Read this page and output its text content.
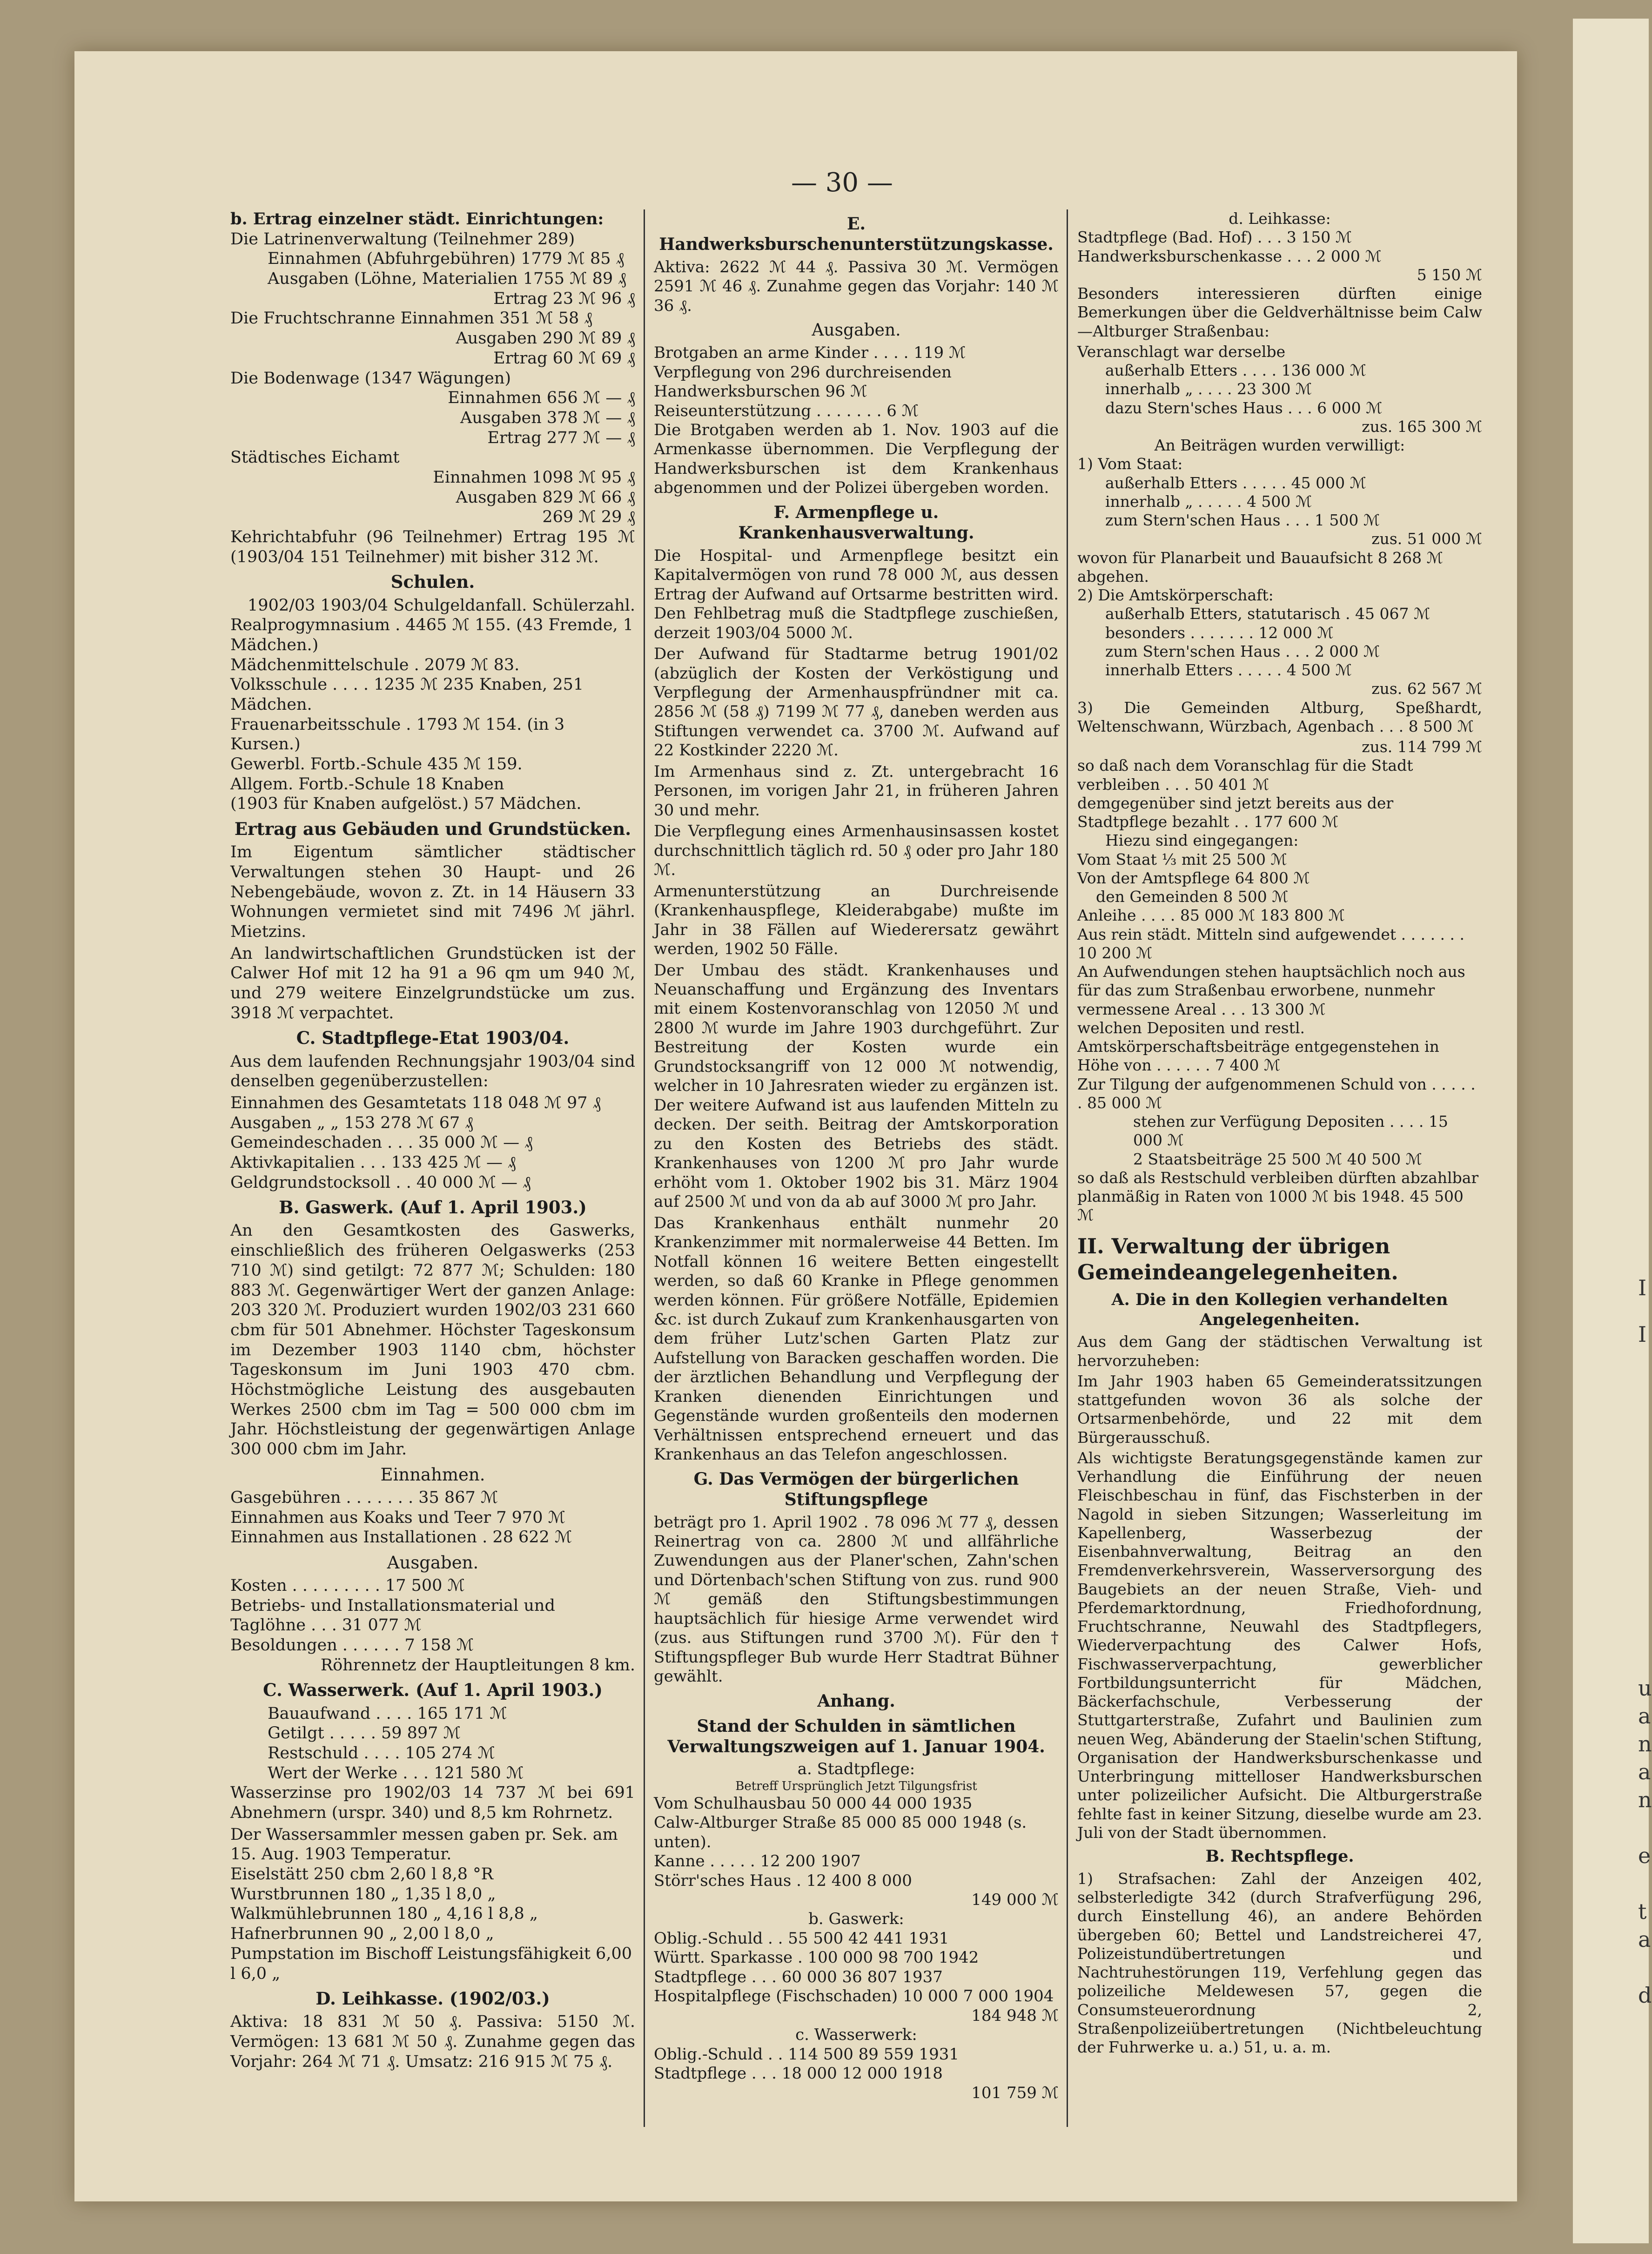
I
I
u
a
n
a
n
e
t
a
d
— 30 —
b. Ertrag einzelner städt. Einrichtungen:
Die Latrinenverwaltung (Teilnehmer 289)
Einnahmen (Abfuhrgebühren) 1779 ℳ 85 ₰
Ausgaben (Löhne, Materialien 1755 ℳ 89 ₰
Ertrag 23 ℳ 96 ₰
Die Fruchtschranne Einnahmen 351 ℳ 58 ₰
Ausgaben 290 ℳ 89 ₰
Ertrag 60 ℳ 69 ₰
Die Bodenwage (1347 Wägungen)
Einnahmen 656 ℳ — ₰
Ausgaben 378 ℳ — ₰
Ertrag 277 ℳ — ₰
Städtisches Eichamt
Einnahmen 1098 ℳ 95 ₰
Ausgaben 829 ℳ 66 ₰
269 ℳ 29 ₰

Kehrichtabfuhr (96 Teilnehmer) Ertrag 195 ℳ (1903/04 151 Teilnehmer) mit bisher 312 ℳ.

Schulen.
1902/03 1903/04 Schulgeldanfall. Schülerzahl.
Realprogymnasium . 4465 ℳ 155. (43 Fremde, 1 Mädchen.)
Mädchenmittelschule . 2079 ℳ 83.
Volksschule . . . . 1235 ℳ 235 Knaben, 251 Mädchen.
Frauenarbeitsschule . 1793 ℳ 154. (in 3 Kursen.)
Gewerbl. Fortb.-Schule 435 ℳ 159.
Allgem. Fortb.-Schule 18 Knaben
(1903 für Knaben aufgelöst.) 57 Mädchen.
Ertrag aus Gebäuden und Grundstücken.

Im Eigentum sämtlicher städtischer Verwaltungen stehen 30 Haupt- und 26 Nebengebäude, wovon z. Zt. in 14 Häusern 33 Wohnungen vermietet sind mit 7496 ℳ jährl. Mietzins.

An landwirtschaftlichen Grundstücken ist der Calwer Hof mit 12 ha 91 a 96 qm um 940 ℳ, und 279 weitere Einzelgrundstücke um zus. 3918 ℳ verpachtet.

C. Stadtpflege-Etat 1903/04.

Aus dem laufenden Rechnungsjahr 1903/04 sind denselben gegenüberzustellen:

Einnahmen des Gesamtetats 118 048 ℳ 97 ₰
Ausgaben „ „ 153 278 ℳ 67 ₰
Gemeindeschaden . . . 35 000 ℳ — ₰
Aktivkapitalien . . . 133 425 ℳ — ₰
Geldgrundstocksoll . . 40 000 ℳ — ₰
B. Gaswerk. (Auf 1. April 1903.)

An den Gesamtkosten des Gaswerks, einschließlich des früheren Oelgaswerks (253 710 ℳ) sind getilgt: 72 877 ℳ; Schulden: 180 883 ℳ. Gegenwärtiger Wert der ganzen Anlage: 203 320 ℳ. Produziert wurden 1902/03 231 660 cbm für 501 Abnehmer. Höchster Tageskonsum im Dezember 1903 1140 cbm, höchster Tageskonsum im Juni 1903 470 cbm. Höchstmögliche Leistung des ausgebauten Werkes 2500 cbm im Tag = 500 000 cbm im Jahr. Höchstleistung der gegenwärtigen Anlage 300 000 cbm im Jahr.

Einnahmen.
Gasgebühren . . . . . . . 35 867 ℳ
Einnahmen aus Koaks und Teer 7 970 ℳ
Einnahmen aus Installationen . 28 622 ℳ
Ausgaben.
Kosten . . . . . . . . . 17 500 ℳ
Betriebs- und Installationsmaterial und Taglöhne . . . 31 077 ℳ
Besoldungen . . . . . . 7 158 ℳ
Röhrennetz der Hauptleitungen 8 km.
C. Wasserwerk. (Auf 1. April 1903.)
Bauaufwand . . . . 165 171 ℳ
Getilgt . . . . . 59 897 ℳ
Restschuld . . . . 105 274 ℳ
Wert der Werke . . . 121 580 ℳ

Wasserzinse pro 1902/03 14 737 ℳ bei 691 Abnehmern (urspr. 340) und 8,5 km Rohrnetz.

Der Wassersammler messen gaben pr. Sek. am 15. Aug. 1903 Temperatur.
Eiselstätt 250 cbm 2,60 l 8,8 °R
Wurstbrunnen 180 „ 1,35 l 8,0 „
Walkmühlebrunnen 180 „ 4,16 l 8,8 „
Hafnerbrunnen 90 „ 2,00 l 8,0 „
Pumpstation im Bischoff Leistungsfähigkeit 6,00 l 6,0 „
D. Leihkasse. (1902/03.)

Aktiva: 18 831 ℳ 50 ₰. Passiva: 5150 ℳ. Vermögen: 13 681 ℳ 50 ₰. Zunahme gegen das Vorjahr: 264 ℳ 71 ₰. Umsatz: 216 915 ℳ 75 ₰.

E. Handwerksburschenunterstützungskasse.

Aktiva: 2622 ℳ 44 ₰. Passiva 30 ℳ. Vermögen 2591 ℳ 46 ₰. Zunahme gegen das Vorjahr: 140 ℳ 36 ₰.

Ausgaben.
Brotgaben an arme Kinder . . . . 119 ℳ
Verpflegung von 296 durchreisenden Handwerksburschen 96 ℳ
Reiseunterstützung . . . . . . . 6 ℳ

Die Brotgaben werden ab 1. Nov. 1903 auf die Armenkasse übernommen. Die Verpflegung der Handwerksburschen ist dem Krankenhaus abgenommen und der Polizei übergeben worden.

F. Armenpflege u. Krankenhausverwaltung.

Die Hospital- und Armenpflege besitzt ein Kapitalvermögen von rund 78 000 ℳ, aus dessen Ertrag der Aufwand auf Ortsarme bestritten wird. Den Fehlbetrag muß die Stadtpflege zuschießen, derzeit 1903/04 5000 ℳ.

Der Aufwand für Stadtarme betrug 1901/02 (abzüglich der Kosten der Verköstigung und Verpflegung der Armenhauspfründner mit ca. 2856 ℳ (58 ₰) 7199 ℳ 77 ₰, daneben werden aus Stiftungen verwendet ca. 3700 ℳ. Aufwand auf 22 Kostkinder 2220 ℳ.

Im Armenhaus sind z. Zt. untergebracht 16 Personen, im vorigen Jahr 21, in früheren Jahren 30 und mehr.

Die Verpflegung eines Armenhausinsassen kostet durchschnittlich täglich rd. 50 ₰ oder pro Jahr 180 ℳ.

Armenunterstützung an Durchreisende (Krankenhauspflege, Kleiderabgabe) mußte im Jahr in 38 Fällen auf Wiederersatz gewährt werden, 1902 50 Fälle.

Der Umbau des städt. Krankenhauses und Neuanschaffung und Ergänzung des Inventars mit einem Kostenvoranschlag von 12050 ℳ und 2800 ℳ wurde im Jahre 1903 durchgeführt. Zur Bestreitung der Kosten wurde ein Grundstocksangriff von 12 000 ℳ notwendig, welcher in 10 Jahresraten wieder zu ergänzen ist. Der weitere Aufwand ist aus laufenden Mitteln zu decken. Der seith. Beitrag der Amtskorporation zu den Kosten des Betriebs des städt. Krankenhauses von 1200 ℳ pro Jahr wurde erhöht vom 1. Oktober 1902 bis 31. März 1904 auf 2500 ℳ und von da ab auf 3000 ℳ pro Jahr.

Das Krankenhaus enthält nunmehr 20 Krankenzimmer mit normalerweise 44 Betten. Im Notfall können 16 weitere Betten eingestellt werden, so daß 60 Kranke in Pflege genommen werden können. Für größere Notfälle, Epidemien &c. ist durch Zukauf zum Krankenhausgarten von dem früher Lutz'schen Garten Platz zur Aufstellung von Baracken geschaffen worden. Die der ärztlichen Behandlung und Verpflegung der Kranken dienenden Einrichtungen und Gegenstände wurden großenteils den modernen Verhältnissen entsprechend erneuert und das Krankenhaus an das Telefon angeschlossen.

G. Das Vermögen der bürgerlichen Stiftungspflege

beträgt pro 1. April 1902 . 78 096 ℳ 77 ₰, dessen Reinertrag von ca. 2800 ℳ und allfährliche Zuwendungen aus der Planer'schen, Zahn'schen und Dörtenbach'schen Stiftung von zus. rund 900 ℳ gemäß den Stiftungsbestimmungen hauptsächlich für hiesige Arme verwendet wird (zus. aus Stiftungen rund 3700 ℳ). Für den † Stiftungspfleger Bub wurde Herr Stadtrat Bühner gewählt.

Anhang.
Stand der Schulden in sämtlichen Verwaltungszweigen auf 1. Januar 1904.
a. Stadtpflege:
Betreff Ursprünglich Jetzt Tilgungsfrist
Vom Schulhausbau 50 000 44 000 1935
Calw-Altburger Straße 85 000 85 000 1948 (s. unten).
Kanne . . . . . 12 200 1907
Störr'sches Haus . 12 400 8 000
149 000 ℳ
b. Gaswerk:
Oblig.-Schuld . . 55 500 42 441 1931
Württ. Sparkasse . 100 000 98 700 1942
Stadtpflege . . . 60 000 36 807 1937
Hospitalpflege (Fischschaden) 10 000 7 000 1904
184 948 ℳ
c. Wasserwerk:
Oblig.-Schuld . . 114 500 89 559 1931
Stadtpflege . . . 18 000 12 000 1918
101 759 ℳ
d. Leihkasse:
Stadtpflege (Bad. Hof) . . . 3 150 ℳ
Handwerksburschenkasse . . . 2 000 ℳ
5 150 ℳ

Besonders interessieren dürften einige Bemerkungen über die Geldverhältnisse beim Calw—Altburger Straßenbau:

Veranschlagt war derselbe
außerhalb Etters . . . . 136 000 ℳ
innerhalb „ . . . . 23 300 ℳ
dazu Stern'sches Haus . . . 6 000 ℳ
zus. 165 300 ℳ
An Beiträgen wurden verwilligt:
1) Vom Staat:
außerhalb Etters . . . . . 45 000 ℳ
innerhalb „ . . . . . 4 500 ℳ
zum Stern'schen Haus . . . 1 500 ℳ
zus. 51 000 ℳ
wovon für Planarbeit und Bauaufsicht 8 268 ℳ abgehen.
2) Die Amtskörperschaft:
außerhalb Etters, statutarisch . 45 067 ℳ
besonders . . . . . . . 12 000 ℳ
zum Stern'schen Haus . . . 2 000 ℳ
innerhalb Etters . . . . . 4 500 ℳ
zus. 62 567 ℳ

3) Die Gemeinden Altburg, Speßhardt, Weltenschwann, Würzbach, Agenbach . . . 8 500 ℳ

zus. 114 799 ℳ
so daß nach dem Voranschlag für die Stadt verbleiben . . . 50 401 ℳ
demgegenüber sind jetzt bereits aus der Stadtpflege bezahlt . . 177 600 ℳ
Hiezu sind eingegangen:
Vom Staat ⅓ mit 25 500 ℳ
Von der Amtspflege 64 800 ℳ
den Gemeinden 8 500 ℳ
Anleihe . . . . 85 000 ℳ 183 800 ℳ
Aus rein städt. Mitteln sind aufgewendet . . . . . . . 10 200 ℳ
An Aufwendungen stehen hauptsächlich noch aus für das zum Straßenbau erworbene, nunmehr vermessene Areal . . . 13 300 ℳ
welchen Depositen und restl. Amtskörperschaftsbeiträge entgegenstehen in Höhe von . . . . . . 7 400 ℳ
Zur Tilgung der aufgenommenen Schuld von . . . . . . 85 000 ℳ
stehen zur Verfügung Depositen . . . . 15 000 ℳ
2 Staatsbeiträge 25 500 ℳ 40 500 ℳ
so daß als Restschuld verbleiben dürften abzahlbar planmäßig in Raten von 1000 ℳ bis 1948. 45 500 ℳ
II. Verwaltung der übrigen Gemeindeangelegenheiten.
A. Die in den Kollegien verhandelten Angelegenheiten.

Aus dem Gang der städtischen Verwaltung ist hervorzuheben:

Im Jahr 1903 haben 65 Gemeinderatssitzungen stattgefunden wovon 36 als solche der Ortsarmenbehörde, und 22 mit dem Bürgerausschuß.

Als wichtigste Beratungsgegenstände kamen zur Verhandlung die Einführung der neuen Fleischbeschau in fünf, das Fischsterben in der Nagold in sieben Sitzungen; Wasserleitung im Kapellenberg, Wasserbezug der Eisenbahnverwaltung, Beitrag an den Fremdenverkehrsverein, Wasserversorgung des Baugebiets an der neuen Straße, Vieh- und Pferdemarktordnung, Friedhofordnung, Fruchtschranne, Neuwahl des Stadtpflegers, Wiederverpachtung des Calwer Hofs, Fischwasserverpachtung, gewerblicher Fortbildungsunterricht für Mädchen, Bäckerfachschule, Verbesserung der Stuttgarterstraße, Zufahrt und Baulinien zum neuen Weg, Abänderung der Staelin'schen Stiftung, Organisation der Handwerksburschenkasse und Unterbringung mittelloser Handwerksburschen unter polizeilicher Aufsicht. Die Altburgerstraße fehlte fast in keiner Sitzung, dieselbe wurde am 23. Juli von der Stadt übernommen.

B. Rechtspflege.

1) Strafsachen: Zahl der Anzeigen 402, selbsterledigte 342 (durch Strafverfügung 296, durch Einstellung 46), an andere Behörden übergeben 60; Bettel und Landstreicherei 47, Polizeistundübertretungen und Nachtruhestörungen 119, Verfehlung gegen das polizeiliche Meldewesen 57, gegen die Consumsteuerordnung 2, Straßenpolizeiübertretungen (Nichtbeleuchtung der Fuhrwerke u. a.) 51, u. a. m.
